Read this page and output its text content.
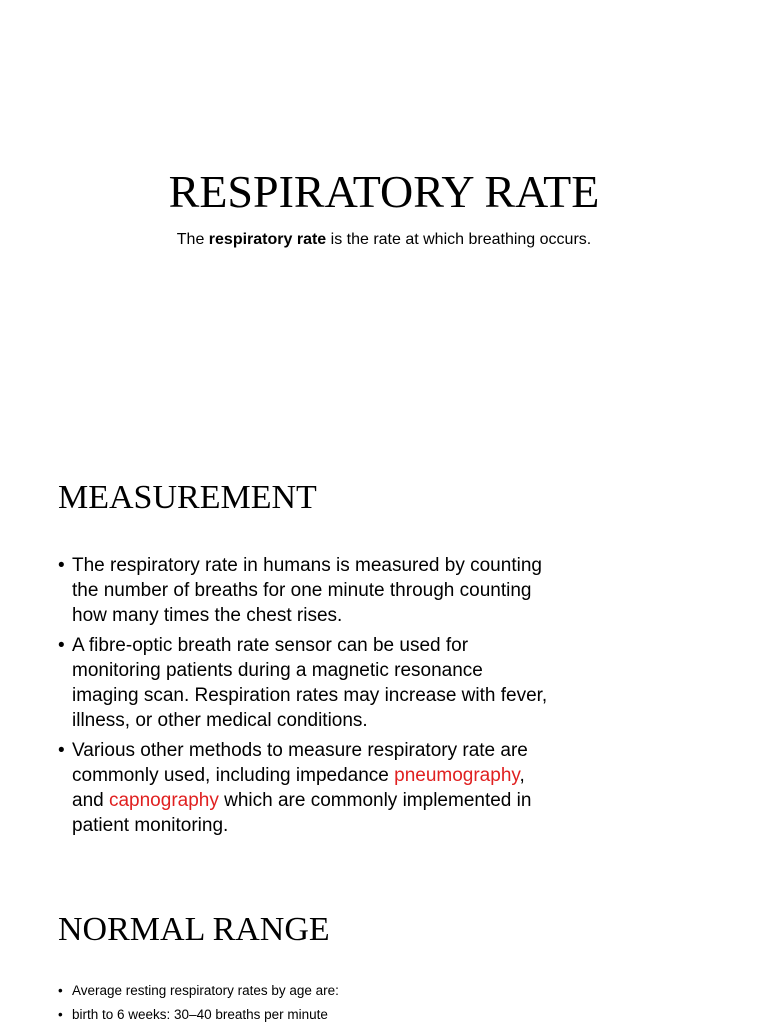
RESPIRATORY RATE

The respiratory rate is the rate at which breathing occurs.

MEASUREMENT
• The respiratory rate in humans is measured by counting the number of breaths for one minute through counting how many times the chest rises.
• A fibre-optic breath rate sensor can be used for monitoring patients during a magnetic resonance imaging scan. Respiration rates may increase with fever, illness, or other medical conditions.
• Various other methods to measure respiratory rate are commonly used, including impedance pneumography, and capnography which are commonly implemented in patient monitoring.
NORMAL RANGE
• Average resting respiratory rates by age are:
• birth to 6 weeks: 30–40 breaths per minute
